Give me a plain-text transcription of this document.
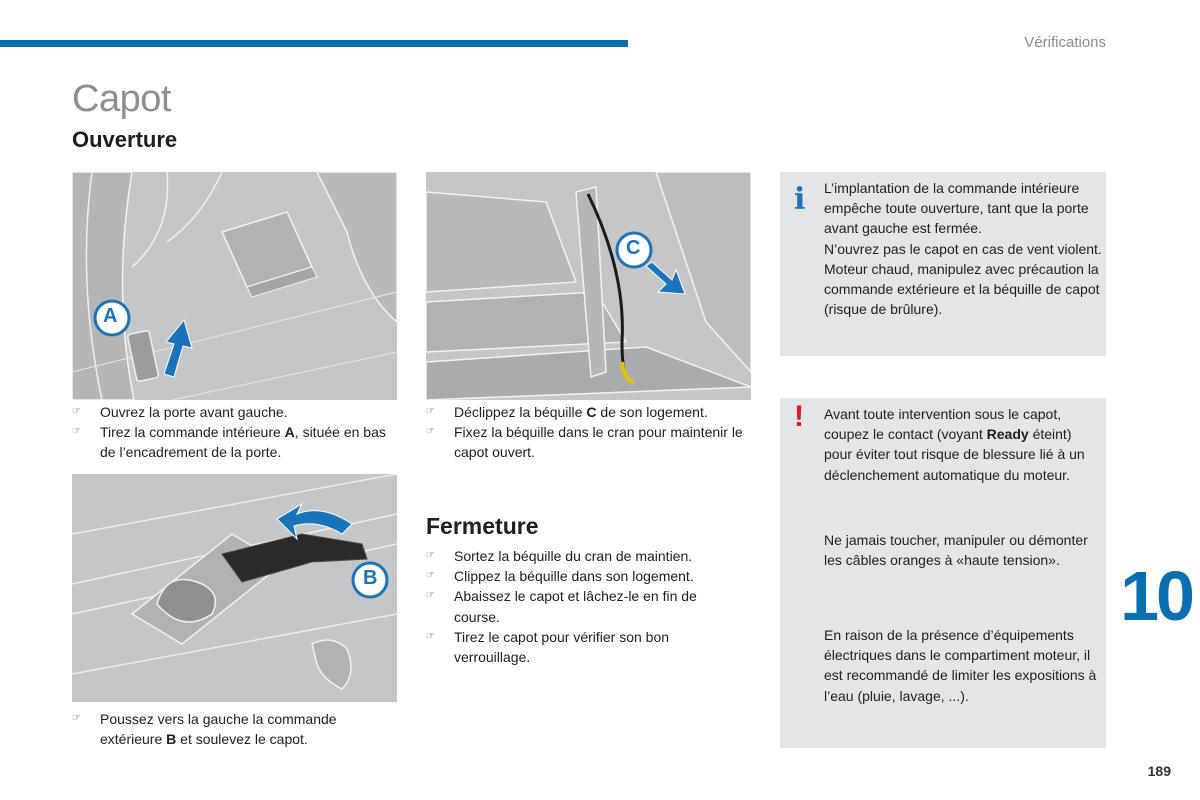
Vérifications
Capot
Ouverture
A
C
i L’implantation de la commande intérieure empêche toute ouverture, tant que la porte avant gauche est fermée.
N’ouvrez pas le capot en cas de vent violent.
Moteur chaud, manipulez avec précaution la commande extérieure et la béquille de capot (risque de brûlure).

☞ Ouvrez la porte avant gauche.
☞ Tirez la commande intérieure A, située en bas de l’encadrement de la porte.
☞ Déclippez la béquille C de son logement.
☞ Fixez la béquille dans le cran pour maintenir le capot ouvert.
! Avant toute intervention sous le capot, coupez le contact (voyant Ready éteint) pour éviter tout risque de blessure lié à un déclenchement automatique du moteur.

Ne jamais toucher, manipuler ou démonter les câbles oranges à «haute tension».

En raison de la présence d’équipements électriques dans le compartiment moteur, il est recommandé de limiter les expositions à l’eau (pluie, lavage, ...).

B
Fermeture
☞ Sortez la béquille du cran de maintien.
☞ Clippez la béquille dans son logement.
☞ Abaissez le capot et lâchez-le en fin de course.
☞ Tirez le capot pour vérifier son bon verrouillage.
☞ Poussez vers la gauche la commande extérieure B et soulevez le capot.
10
189
